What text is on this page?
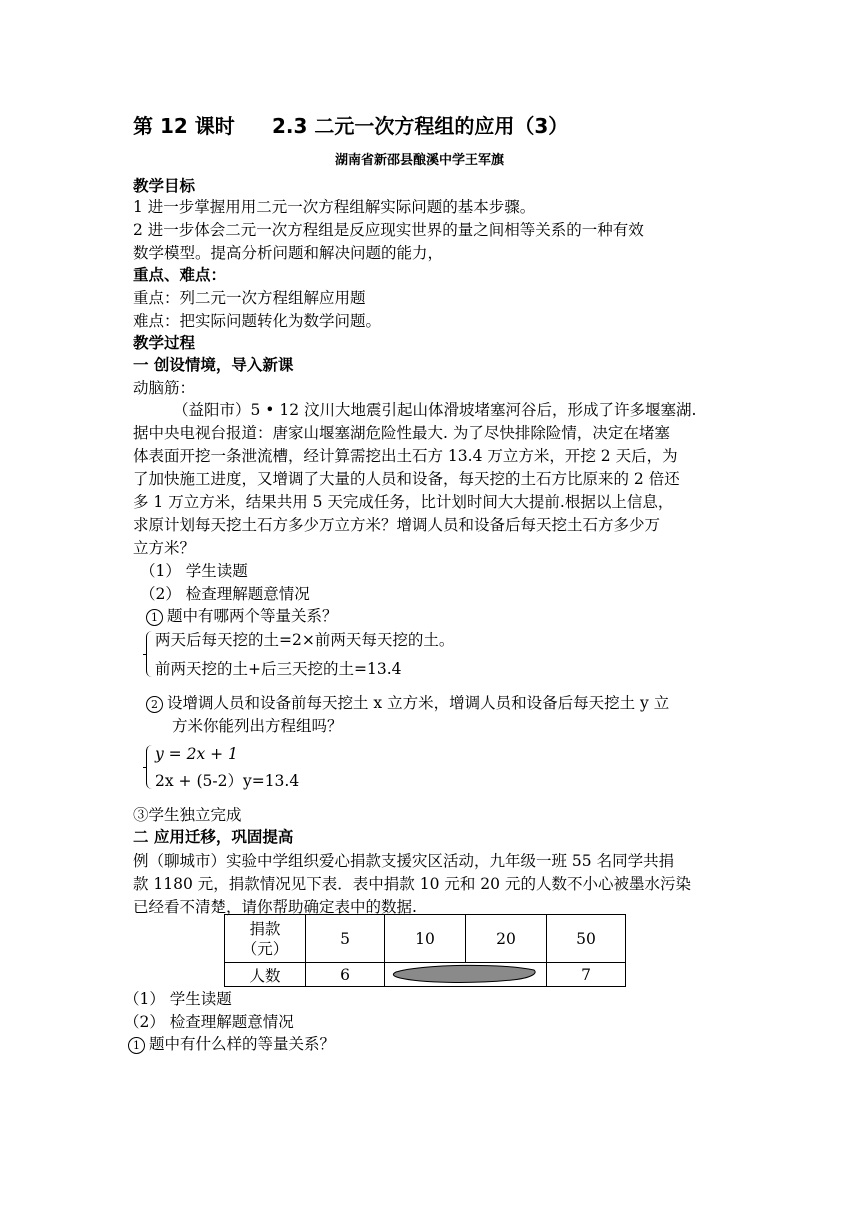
第 12 课时 2.3 二元一次方程组的应用（3）
湖南省新邵县酿溪中学王军旗
教学目标
1 进一步掌握用用二元一次方程组解实际问题的基本步骤。
2 进一步体会二元一次方程组是反应现实世界的量之间相等关系的一种有效
数学模型。提高分析问题和解决问题的能力，
重点、难点：
重点：列二元一次方程组解应用题
难点：把实际问题转化为数学问题。
教学过程
一 创设情境，导入新课
动脑筋：
（益阳市）5 • 12 汶川大地震引起山体滑坡堵塞河谷后，形成了许多堰塞湖.
据中央电视台报道：唐家山堰塞湖危险性最大. 为了尽快排除险情，决定在堵塞
体表面开挖一条泄流槽，经计算需挖出土石方 13.4 万立方米，开挖 2 天后，为
了加快施工进度，又增调了大量的人员和设备，每天挖的土石方比原来的 2 倍还
多 1 万立方米，结果共用 5 天完成任务，比计划时间大大提前.根据以上信息，
求原计划每天挖土石方多少万立方米？增调人员和设备后每天挖土石方多少万
立方米？
（1） 学生读题
（2） 检查理解题意情况
1 题中有哪两个等量关系？
两天后每天挖的土=2×前两天每天挖的土。
前两天挖的土+后三天挖的土=13.4
2 设增调人员和设备前每天挖土 x 立方米，增调人员和设备后每天挖土 y 立
方米你能列出方程组吗？
y = 2x + 1
2x + (5-2）y=13.4
③学生独立完成
二 应用迁移，巩固提高
例（聊城市）实验中学组织爱心捐款支援灾区活动，九年级一班 55 名同学共捐
款 1180 元，捐款情况见下表．表中捐款 10 元和 20 元的人数不小心被墨水污染
已经看不清楚，请你帮助确定表中的数据.
捐款
（元）	5	10	20	50
人数	6			7
（1） 学生读题
（2） 检查理解题意情况
1 题中有什么样的等量关系？
